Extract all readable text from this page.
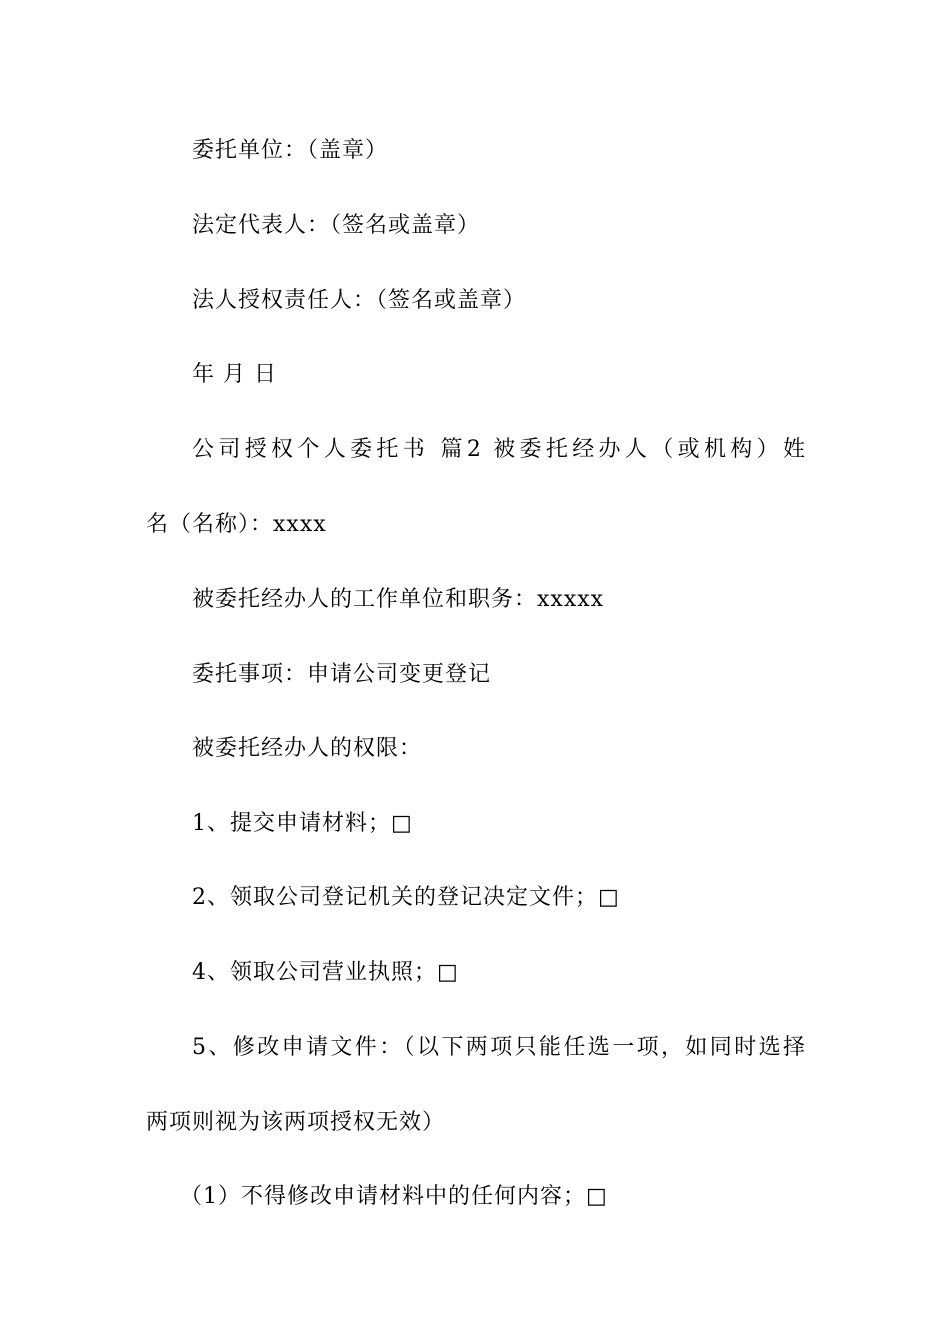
委托单位：（盖章）
法定代表人：（签名或盖章）
法人授权责任人：（签名或盖章）
年 月 日
公司授权个人委托书 篇2 被委托经办人（或机构）姓
名（名称）：xxxx
被委托经办人的工作单位和职务：xxxxx
委托事项：申请公司变更登记
被委托经办人的权限：
1、提交申请材料；□
2、领取公司登记机关的登记决定文件；□
4、领取公司营业执照；□
5、修改申请文件：（以下两项只能任选一项，如同时选择
两项则视为该两项授权无效）
（1）不得修改申请材料中的任何内容；□
